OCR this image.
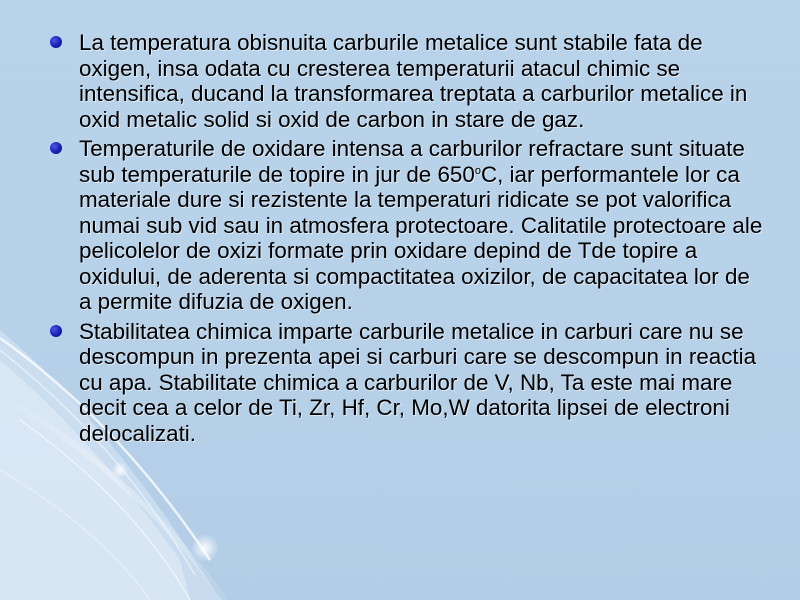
La temperatura obisnuita carburile metalice sunt stabile fata de oxigen, insa odata cu cresterea temperaturii atacul chimic se intensifica, ducand la transformarea treptata a carburilor metalice in oxid metalic solid si oxid de carbon in stare de gaz.
Temperaturile de oxidare intensa a carburilor refractare sunt situate sub temperaturile de topire in jur de 650$^o$C, iar performantele lor ca materiale dure si rezistente la temperaturi ridicate se pot valorifica numai sub vid sau in atmosfera protectoare. Calitatile protectoare ale pelicolelor de oxizi formate prin oxidare depind de Tde topire a oxidului, de aderenta si compactitatea oxizilor, de capacitatea lor de a permite difuzia de oxigen.
Stabilitatea chimica imparte carburile metalice in carburi care nu se descompun in prezenta apei si carburi care se descompun in reactia cu apa. Stabilitate chimica a carburilor de V, Nb, Ta este mai mare decit cea a celor de Ti, Zr, Hf, Cr, Mo,W datorita lipsei de electroni delocalizati.
